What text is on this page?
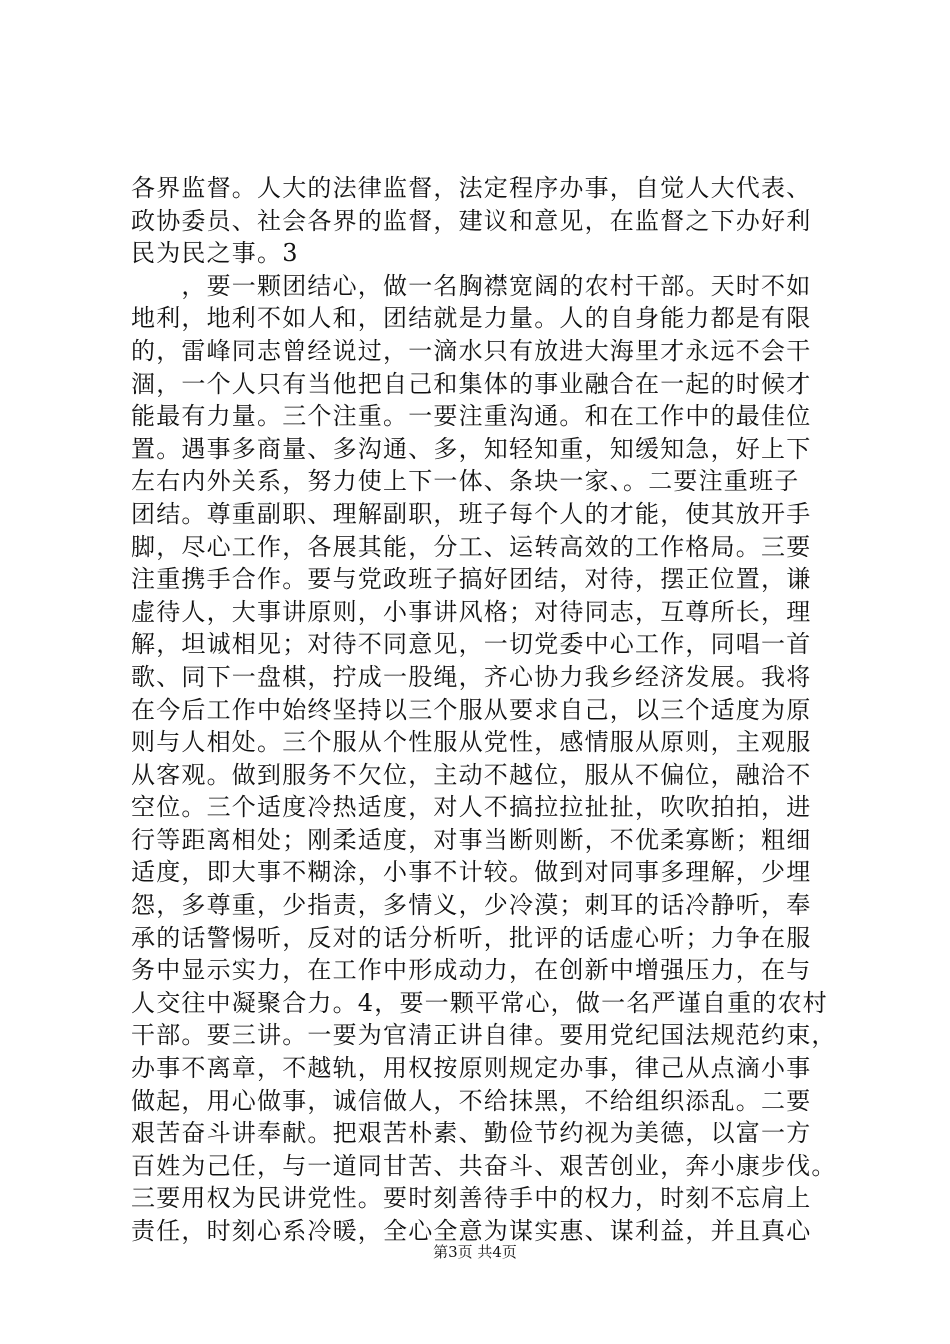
各界监督。人大的法律监督，法定程序办事，自觉人大代表、
政协委员、社会各界的监督，建议和意见，在监督之下办好利
民为民之事。3
　　，要一颗团结心，做一名胸襟宽阔的农村干部。天时不如
地利，地利不如人和，团结就是力量。人的自身能力都是有限
的，雷峰同志曾经说过，一滴水只有放进大海里才永远不会干
涸，一个人只有当他把自己和集体的事业融合在一起的时候才
能最有力量。三个注重。一要注重沟通。和在工作中的最佳位
置。遇事多商量、多沟通、多，知轻知重，知缓知急，好上下
左右内外关系，努力使上下一体、条块一家、。二要注重班子
团结。尊重副职、理解副职，班子每个人的才能，使其放开手
脚，尽心工作，各展其能，分工、运转高效的工作格局。三要
注重携手合作。要与党政班子搞好团结，对待，摆正位置，谦
虚待人，大事讲原则，小事讲风格；对待同志，互尊所长，理
解，坦诚相见；对待不同意见，一切党委中心工作，同唱一首
歌、同下一盘棋，拧成一股绳，齐心协力我乡经济发展。我将
在今后工作中始终坚持以三个服从要求自己，以三个适度为原
则与人相处。三个服从个性服从党性，感情服从原则，主观服
从客观。做到服务不欠位，主动不越位，服从不偏位，融洽不
空位。三个适度冷热适度，对人不搞拉拉扯扯，吹吹拍拍，进
行等距离相处；刚柔适度，对事当断则断，不优柔寡断；粗细
适度，即大事不糊涂，小事不计较。做到对同事多理解，少埋
怨，多尊重，少指责，多情义，少冷漠；刺耳的话冷静听，奉
承的话警惕听，反对的话分析听，批评的话虚心听；力争在服
务中显示实力，在工作中形成动力，在创新中增强压力，在与
人交往中凝聚合力。4，要一颗平常心，做一名严谨自重的农村
干部。要三讲。一要为官清正讲自律。要用党纪国法规范约束，
办事不离章，不越轨，用权按原则规定办事，律己从点滴小事
做起，用心做事，诚信做人，不给抹黑，不给组织添乱。二要
艰苦奋斗讲奉献。把艰苦朴素、勤俭节约视为美德，以富一方
百姓为己任，与一道同甘苦、共奋斗、艰苦创业，奔小康步伐。
三要用权为民讲党性。要时刻善待手中的权力，时刻不忘肩上
责任，时刻心系冷暖，全心全意为谋实惠、谋利益，并且真心
第3页 共4页
